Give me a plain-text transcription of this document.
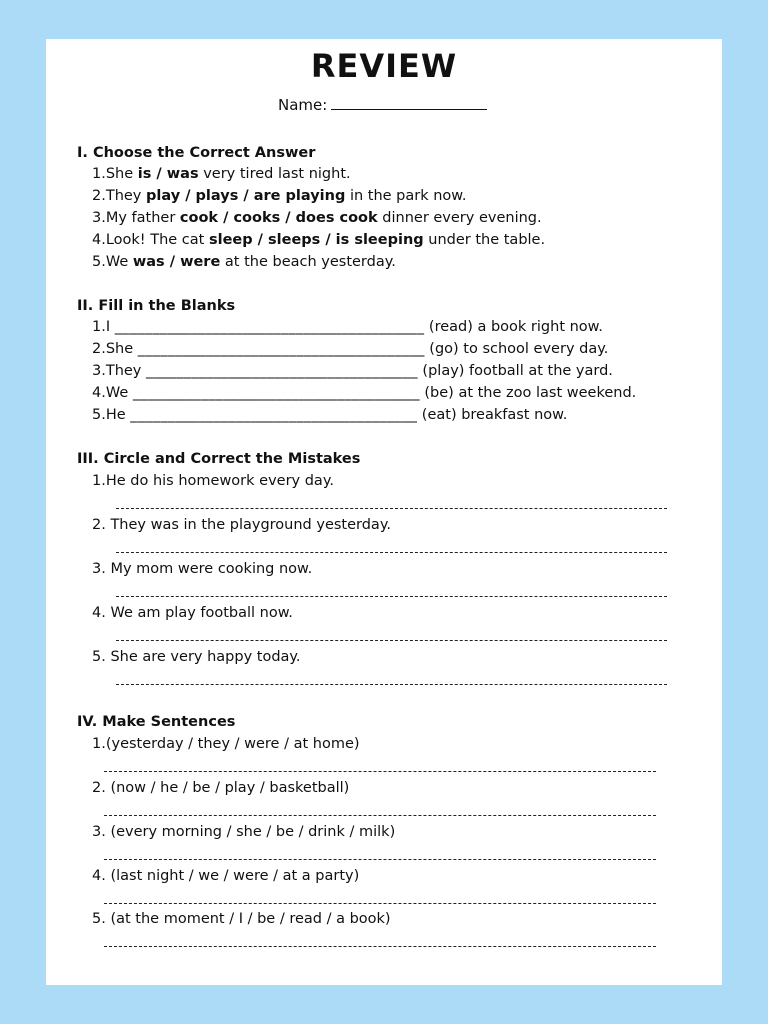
REVIEW
Name:
I. Choose the Correct Answer
1.She is / was very tired last night.
2.They play / plays / are playing in the park now.
3.My father cook / cooks / does cook dinner every evening.
4.Look! The cat sleep / sleeps / is sleeping under the table.
5.We was / were at the beach yesterday.
II. Fill in the Blanks
1.I _________________________________________ (read) a book right now.
2.She ______________________________________ (go) to school every day.
3.They ____________________________________ (play) football at the yard.
4.We ______________________________________ (be) at the zoo last weekend.
5.He ______________________________________ (eat) breakfast now.
III. Circle and Correct the Mistakes
1.He do his homework every day.
2. They was in the playground yesterday.
3. My mom were cooking now.
4. We am play football now.
5. She are very happy today.
IV. Make Sentences
1.(yesterday / they / were / at home)
2. (now / he / be / play / basketball)
3. (every morning / she / be / drink / milk)
4. (last night / we / were / at a party)
5. (at the moment / I / be / read / a book)
